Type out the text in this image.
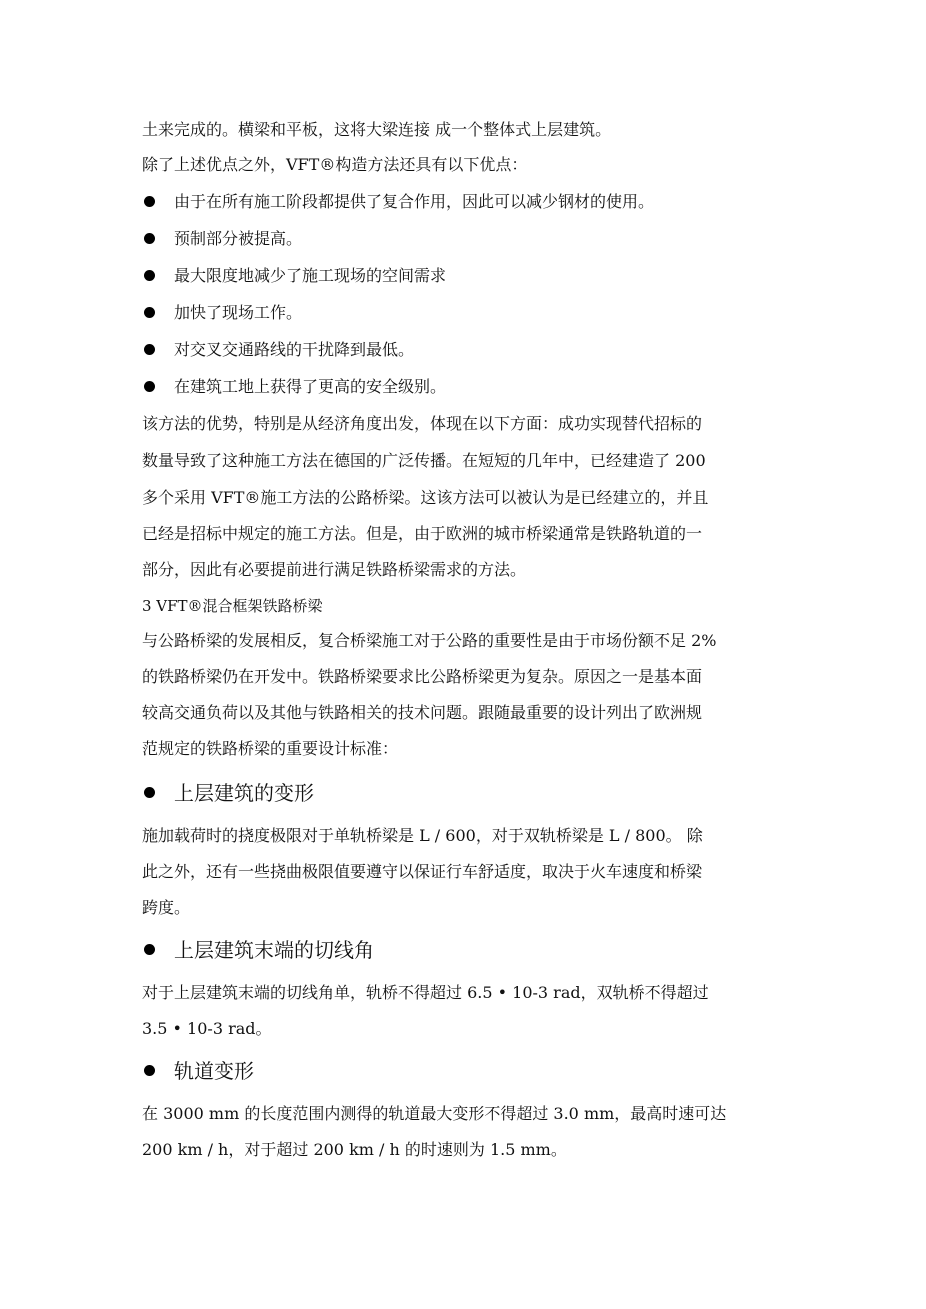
土来完成的。横梁和平板，这将大梁连接 成一个整体式上层建筑。
除了上述优点之外，VFT®构造方法还具有以下优点：
由于在所有施工阶段都提供了复合作用，因此可以减少钢材的使用。
预制部分被提高。
最大限度地减少了施工现场的空间需求
加快了现场工作。
对交叉交通路线的干扰降到最低。
在建筑工地上获得了更高的安全级别。
该方法的优势，特别是从经济角度出发，体现在以下方面：成功实现替代招标的
数量导致了这种施工方法在德国的广泛传播。在短短的几年中，已经建造了 200
多个采用 VFT®施工方法的公路桥梁。这该方法可以被认为是已经建立的，并且
已经是招标中规定的施工方法。但是，由于欧洲的城市桥梁通常是铁路轨道的一
部分，因此有必要提前进行满足铁路桥梁需求的方法。
3 VFT®混合框架铁路桥梁
与公路桥梁的发展相反，复合桥梁施工对于公路的重要性是由于市场份额不足 2%
的铁路桥梁仍在开发中。铁路桥梁要求比公路桥梁更为复杂。原因之一是基本面
较高交通负荷以及其他与铁路相关的技术问题。跟随最重要的设计列出了欧洲规
范规定的铁路桥梁的重要设计标准：
上层建筑的变形
施加载荷时的挠度极限对于单轨桥梁是 L / 600，对于双轨桥梁是 L / 800。 除
此之外，还有一些挠曲极限值要遵守以保证行车舒适度，取决于火车速度和桥梁
跨度。
上层建筑末端的切线角
对于上层建筑末端的切线角单，轨桥不得超过 6.5 • 10-3 rad，双轨桥不得超过
3.5 • 10-3 rad。
轨道变形
在 3000 mm 的长度范围内测得的轨道最大变形不得超过 3.0 mm，最高时速可达
200 km / h，对于超过 200 km / h 的时速则为 1.5 mm。
